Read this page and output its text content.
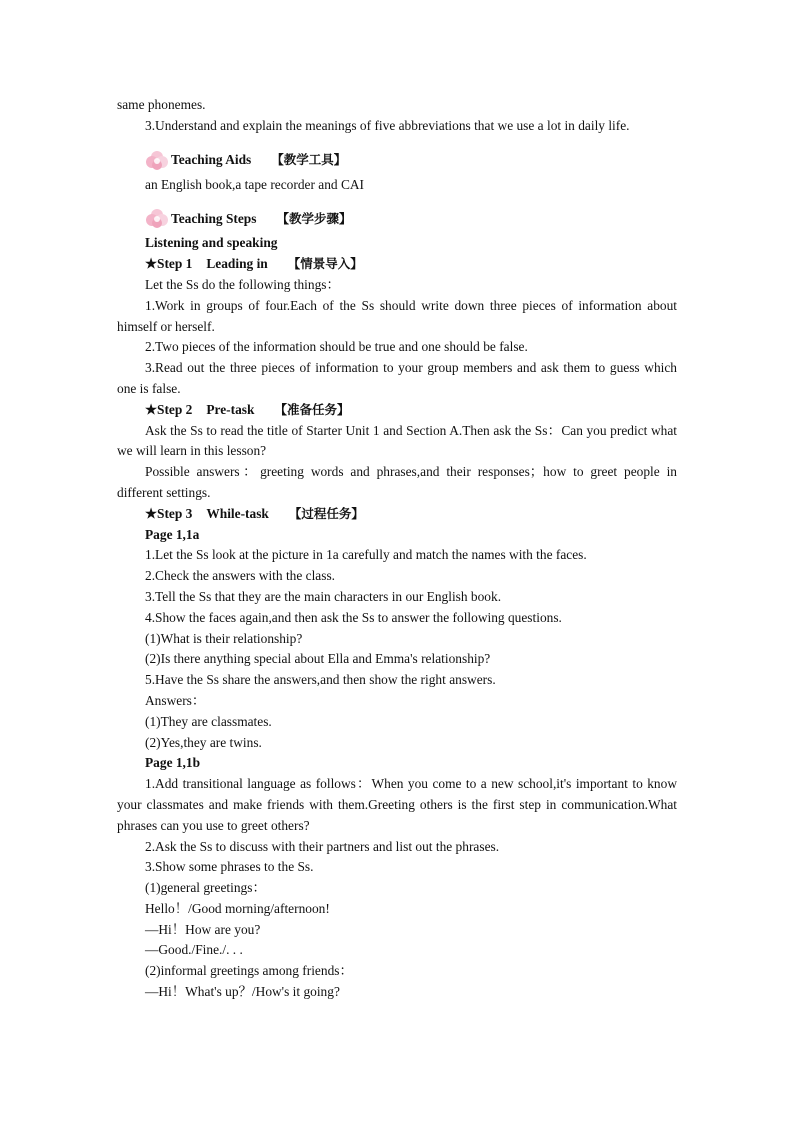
same phonemes.

3.Understand and explain the meanings of five abbreviations that we use a lot in daily life.

Teaching Aids 【教学工具】

an English book,a tape recorder and CAI

Teaching Steps 【教学步骤】

Listening and speaking

★Step 1 Leading in 【情景导入】

Let the Ss do the following things：

1.Work in groups of four.Each of the Ss should write down three pieces of information about himself or herself.

2.Two pieces of the information should be true and one should be false.

3.Read out the three pieces of information to your group members and ask them to guess which one is false.

★Step 2 Pre-task 【准备任务】

Ask the Ss to read the title of Starter Unit 1 and Section A.Then ask the Ss：Can you predict what we will learn in this lesson?

Possible answers：greeting words and phrases,and their responses；how to greet people in different settings.

★Step 3 While-task 【过程任务】

Page 1,1a

1.Let the Ss look at the picture in 1a carefully and match the names with the faces.

2.Check the answers with the class.

3.Tell the Ss that they are the main characters in our English book.

4.Show the faces again,and then ask the Ss to answer the following questions.

(1)What is their relationship?

(2)Is there anything special about Ella and Emma's relationship?

5.Have the Ss share the answers,and then show the right answers.

Answers：

(1)They are classmates.

(2)Yes,they are twins.

Page 1,1b

1.Add transitional language as follows：When you come to a new school,it's important to know your classmates and make friends with them.Greeting others is the first step in communication.What phrases can you use to greet others?

2.Ask the Ss to discuss with their partners and list out the phrases.

3.Show some phrases to the Ss.

(1)general greetings：

Hello！/Good morning/afternoon!

—Hi！How are you?

—Good./Fine./. . .

(2)informal greetings among friends：

—Hi！What's up？/How's it going?
